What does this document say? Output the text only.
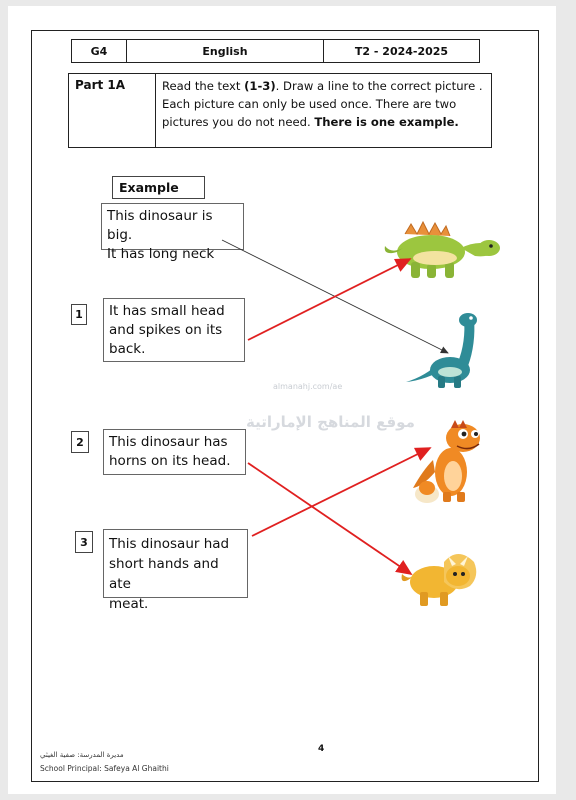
G4	English	T2 - 2024-2025
Part 1A	Read the text (1-3). Draw a line to the correct picture . Each picture can only be used once. There are two pictures you do not need. There is one example.
Example
This dinosaur is big.
It has long neck
1 It has small head
and spikes on its
back.
2 This dinosaur has
horns on its head.
3 This dinosaur had
short hands and ate
meat.
almanahj.com/ae
موقع المناهج الإماراتية
4
مديرة المدرسة: صفية الغيثي
School Principal: Safeya Al Ghaithi
